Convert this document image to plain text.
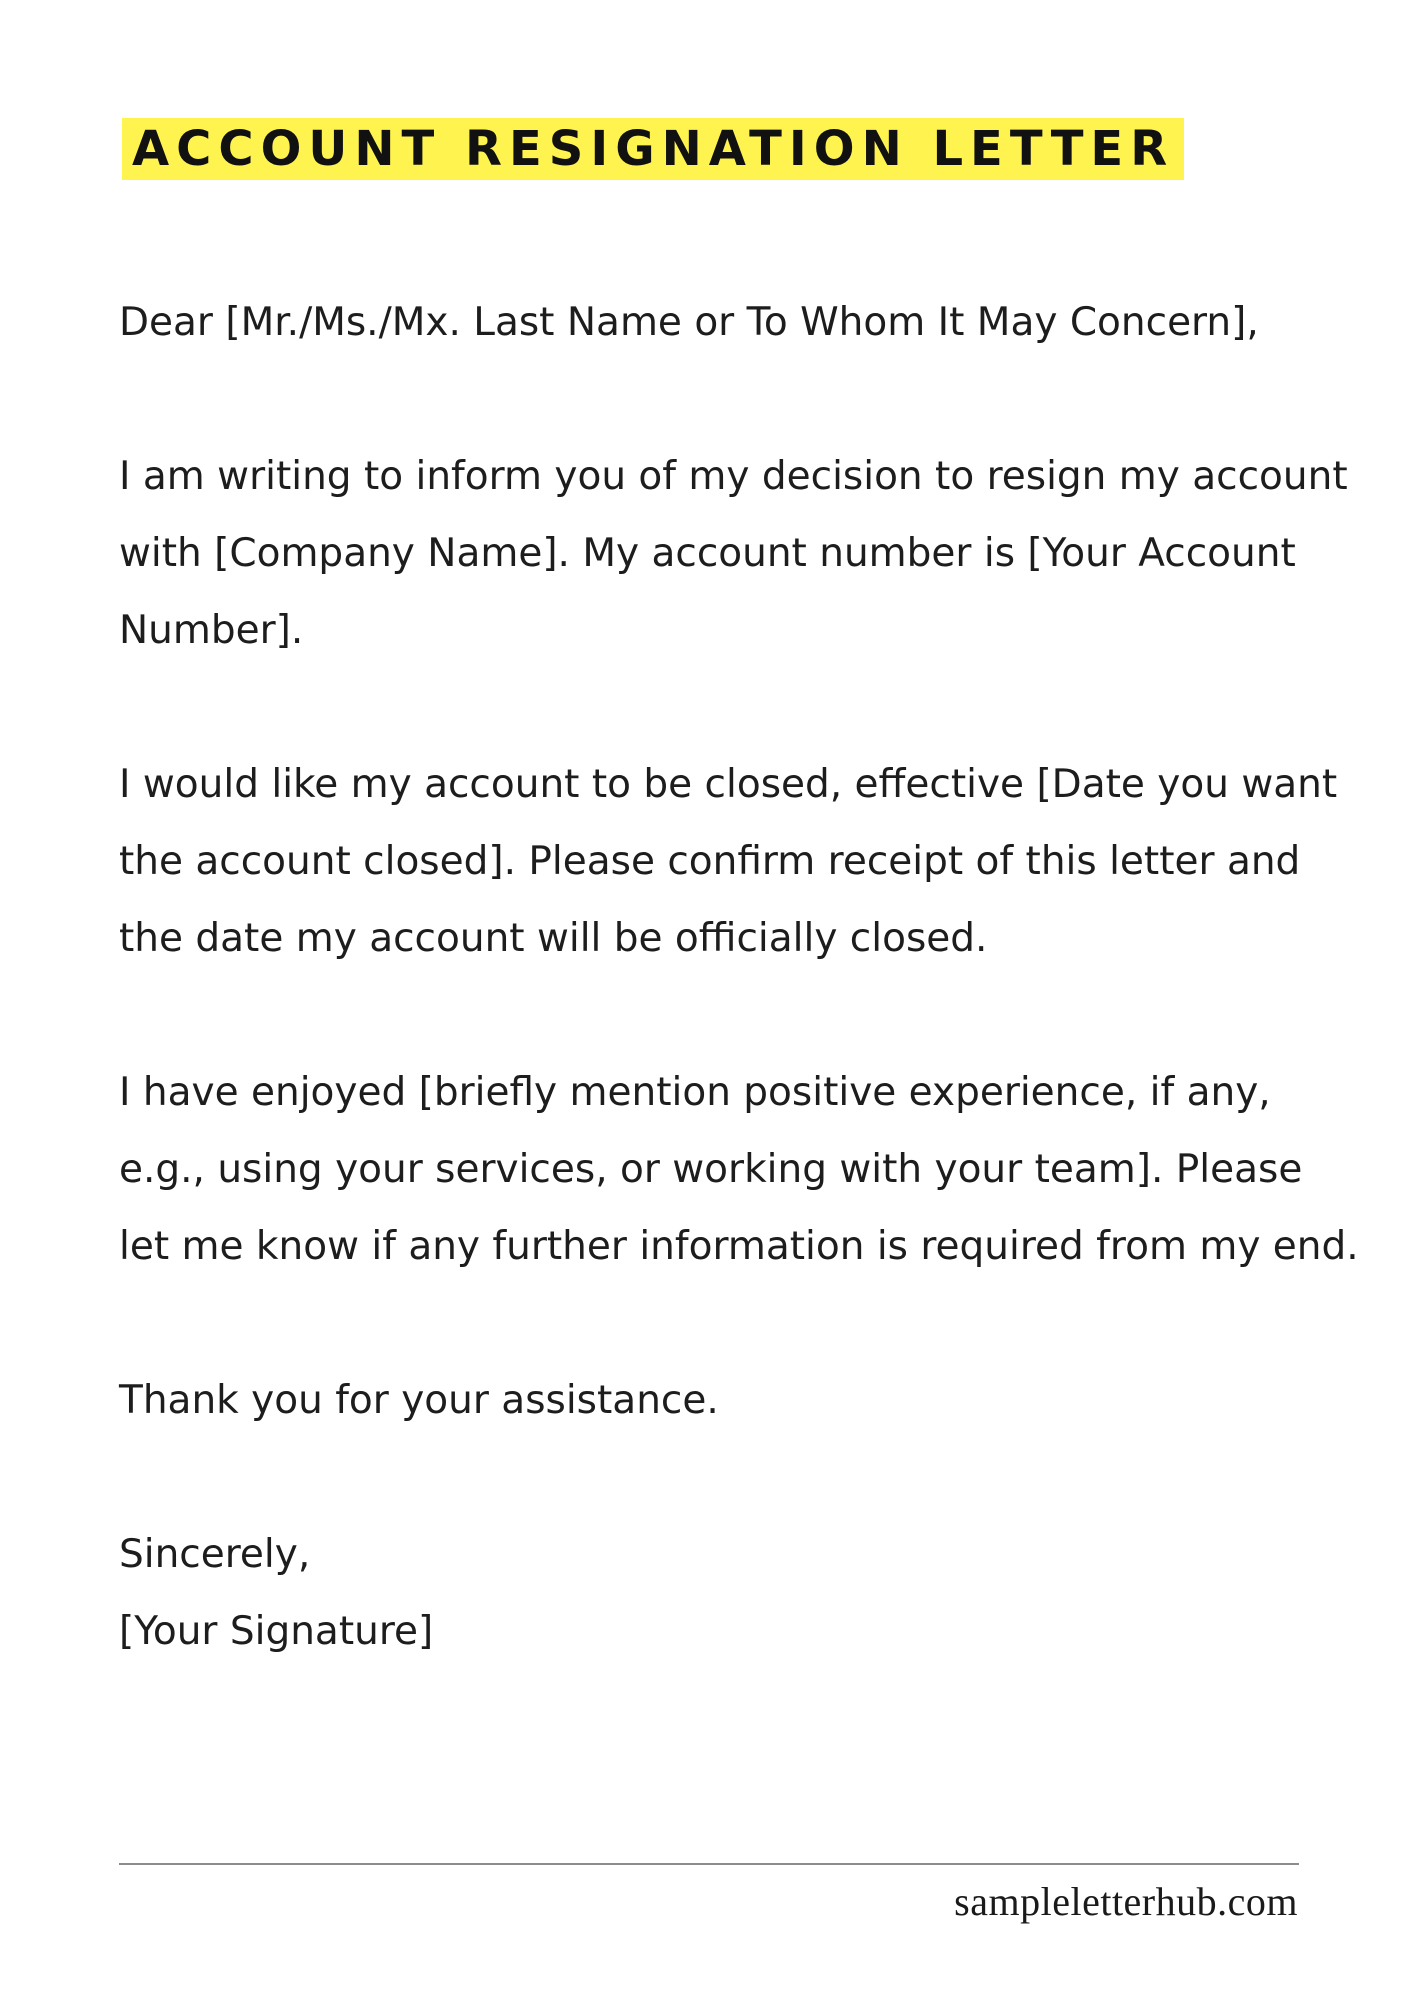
ACCOUNT RESIGNATION LETTER

Dear [Mr./Ms./Mx. Last Name or To Whom It May Concern],

I am writing to inform you of my decision to resign my account with [Company Name]. My account number is [Your Account Number].

I would like my account to be closed, effective [Date you want the account closed]. Please confirm receipt of this letter and the date my account will be officially closed.

I have enjoyed [briefly mention positive experience, if any, e.g., using your services, or working with your team]. Please let me know if any further information is required from my end.

Thank you for your assistance.

Sincerely,
[Your Signature]

sampleletterhub.com
